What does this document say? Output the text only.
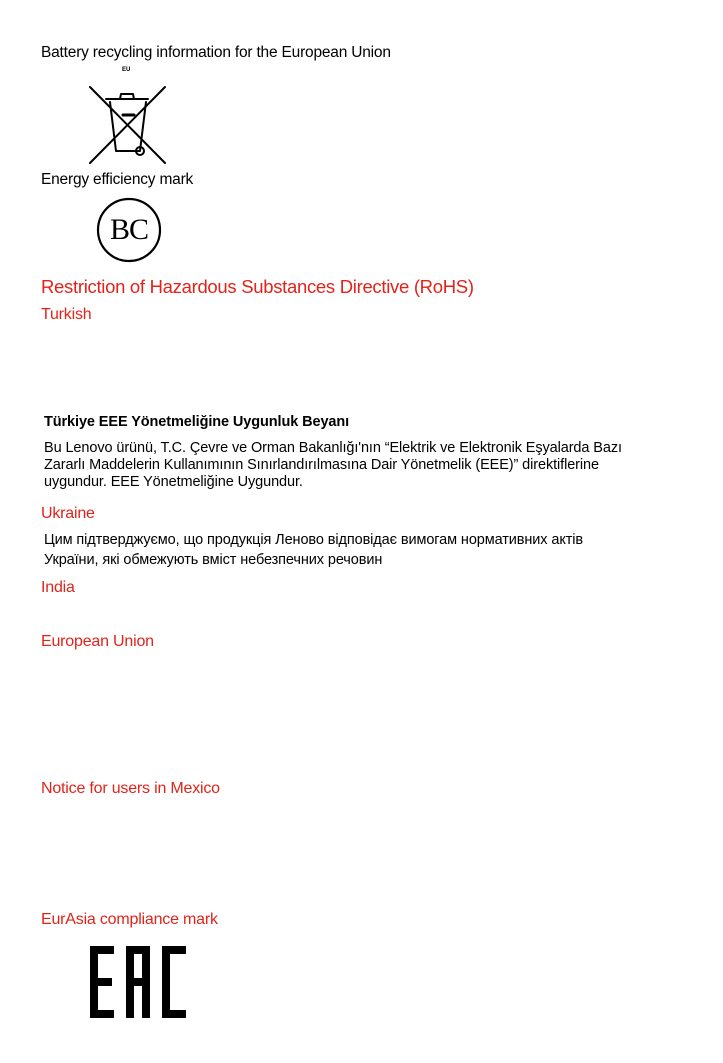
Battery recycling information for the European Union
EU
Energy efficiency mark
BC
Restriction of Hazardous Substances Directive (RoHS)
Turkish
Türkiye EEE Yönetmeliğine Uygunluk Beyanı
Bu Lenovo ürünü, T.C. Çevre ve Orman Bakanlığı'nın “Elektrik ve Elektronik Eşyalarda Bazı
Zararlı Maddelerin Kullanımının Sınırlandırılmasına Dair Yönetmelik (EEE)” direktiflerine
uygundur. EEE Yönetmeliğine Uygundur.
Ukraine
Цим підтверджуємо, що продукція Леново відповідає вимогам нормативних актів
України, які обмежують вміст небезпечних речовин
India
European Union
Notice for users in Mexico
EurAsia compliance mark
